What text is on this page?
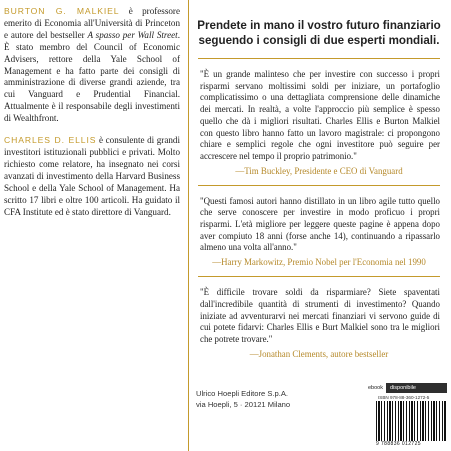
BURTON G. MALKIEL è professore emerito di Economia all'Università di Princeton e autore del bestseller A spasso per Wall Street. È stato membro del Council of Economic Advisers, rettore della Yale School of Management e ha fatto parte dei consigli di amministrazione di diverse grandi aziende, tra cui Vanguard e Prudential Financial. Attualmente è il responsabile degli investimenti di Wealthfront.

CHARLES D. ELLIS è consulente di grandi investitori istituzionali pubblici e privati. Molto richiesto come relatore, ha insegnato nei corsi avanzati di investimento della Harvard Business School e della Yale School of Management. Ha scritto 17 libri e oltre 100 articoli. Ha guidato il CFA Institute ed è stato direttore di Vanguard.

Prendete in mano il vostro futuro finanziario seguendo i consigli di due esperti mondiali.

"È un grande malinteso che per investire con successo i propri risparmi servano moltissimi soldi per iniziare, un portafoglio complicatissimo o una dettagliata comprensione delle dinamiche dei mercati. In realtà, a volte l'approccio più semplice è spesso quello che dà i migliori risultati. Charles Ellis e Burton Malkiel con questo libro hanno fatto un lavoro magistrale: ci propongono chiare e semplici regole che ogni investitore può seguire per accrescere nel tempo il proprio patrimonio."

—Tim Buckley, Presidente e CEO di Vanguard

"Questi famosi autori hanno distillato in un libro agile tutto quello che serve conoscere per investire in modo proficuo i propri risparmi. L'età migliore per leggere queste pagine è appena dopo aver compiuto 18 anni (forse anche 14), continuando a ripassarlo almeno una volta all'anno."

—Harry Markowitz, Premio Nobel per l'Economia nel 1990

"È difficile trovare soldi da risparmiare? Siete spaventati dall'incredibile quantità di strumenti di investimento? Quando iniziate ad avventurarvi nei mercati finanziari vi servono guide di cui potete fidarvi: Charles Ellis e Burt Malkiel sono tra le migliori che potrete trovare."

—Jonathan Clements, autore bestseller
Ulrico Hoepli Editore S.p.A.
via Hoepli, 5 · 20121 Milano
ebook	disponibile
ISBN 978-88-360-1272-5
9 788836 012725
